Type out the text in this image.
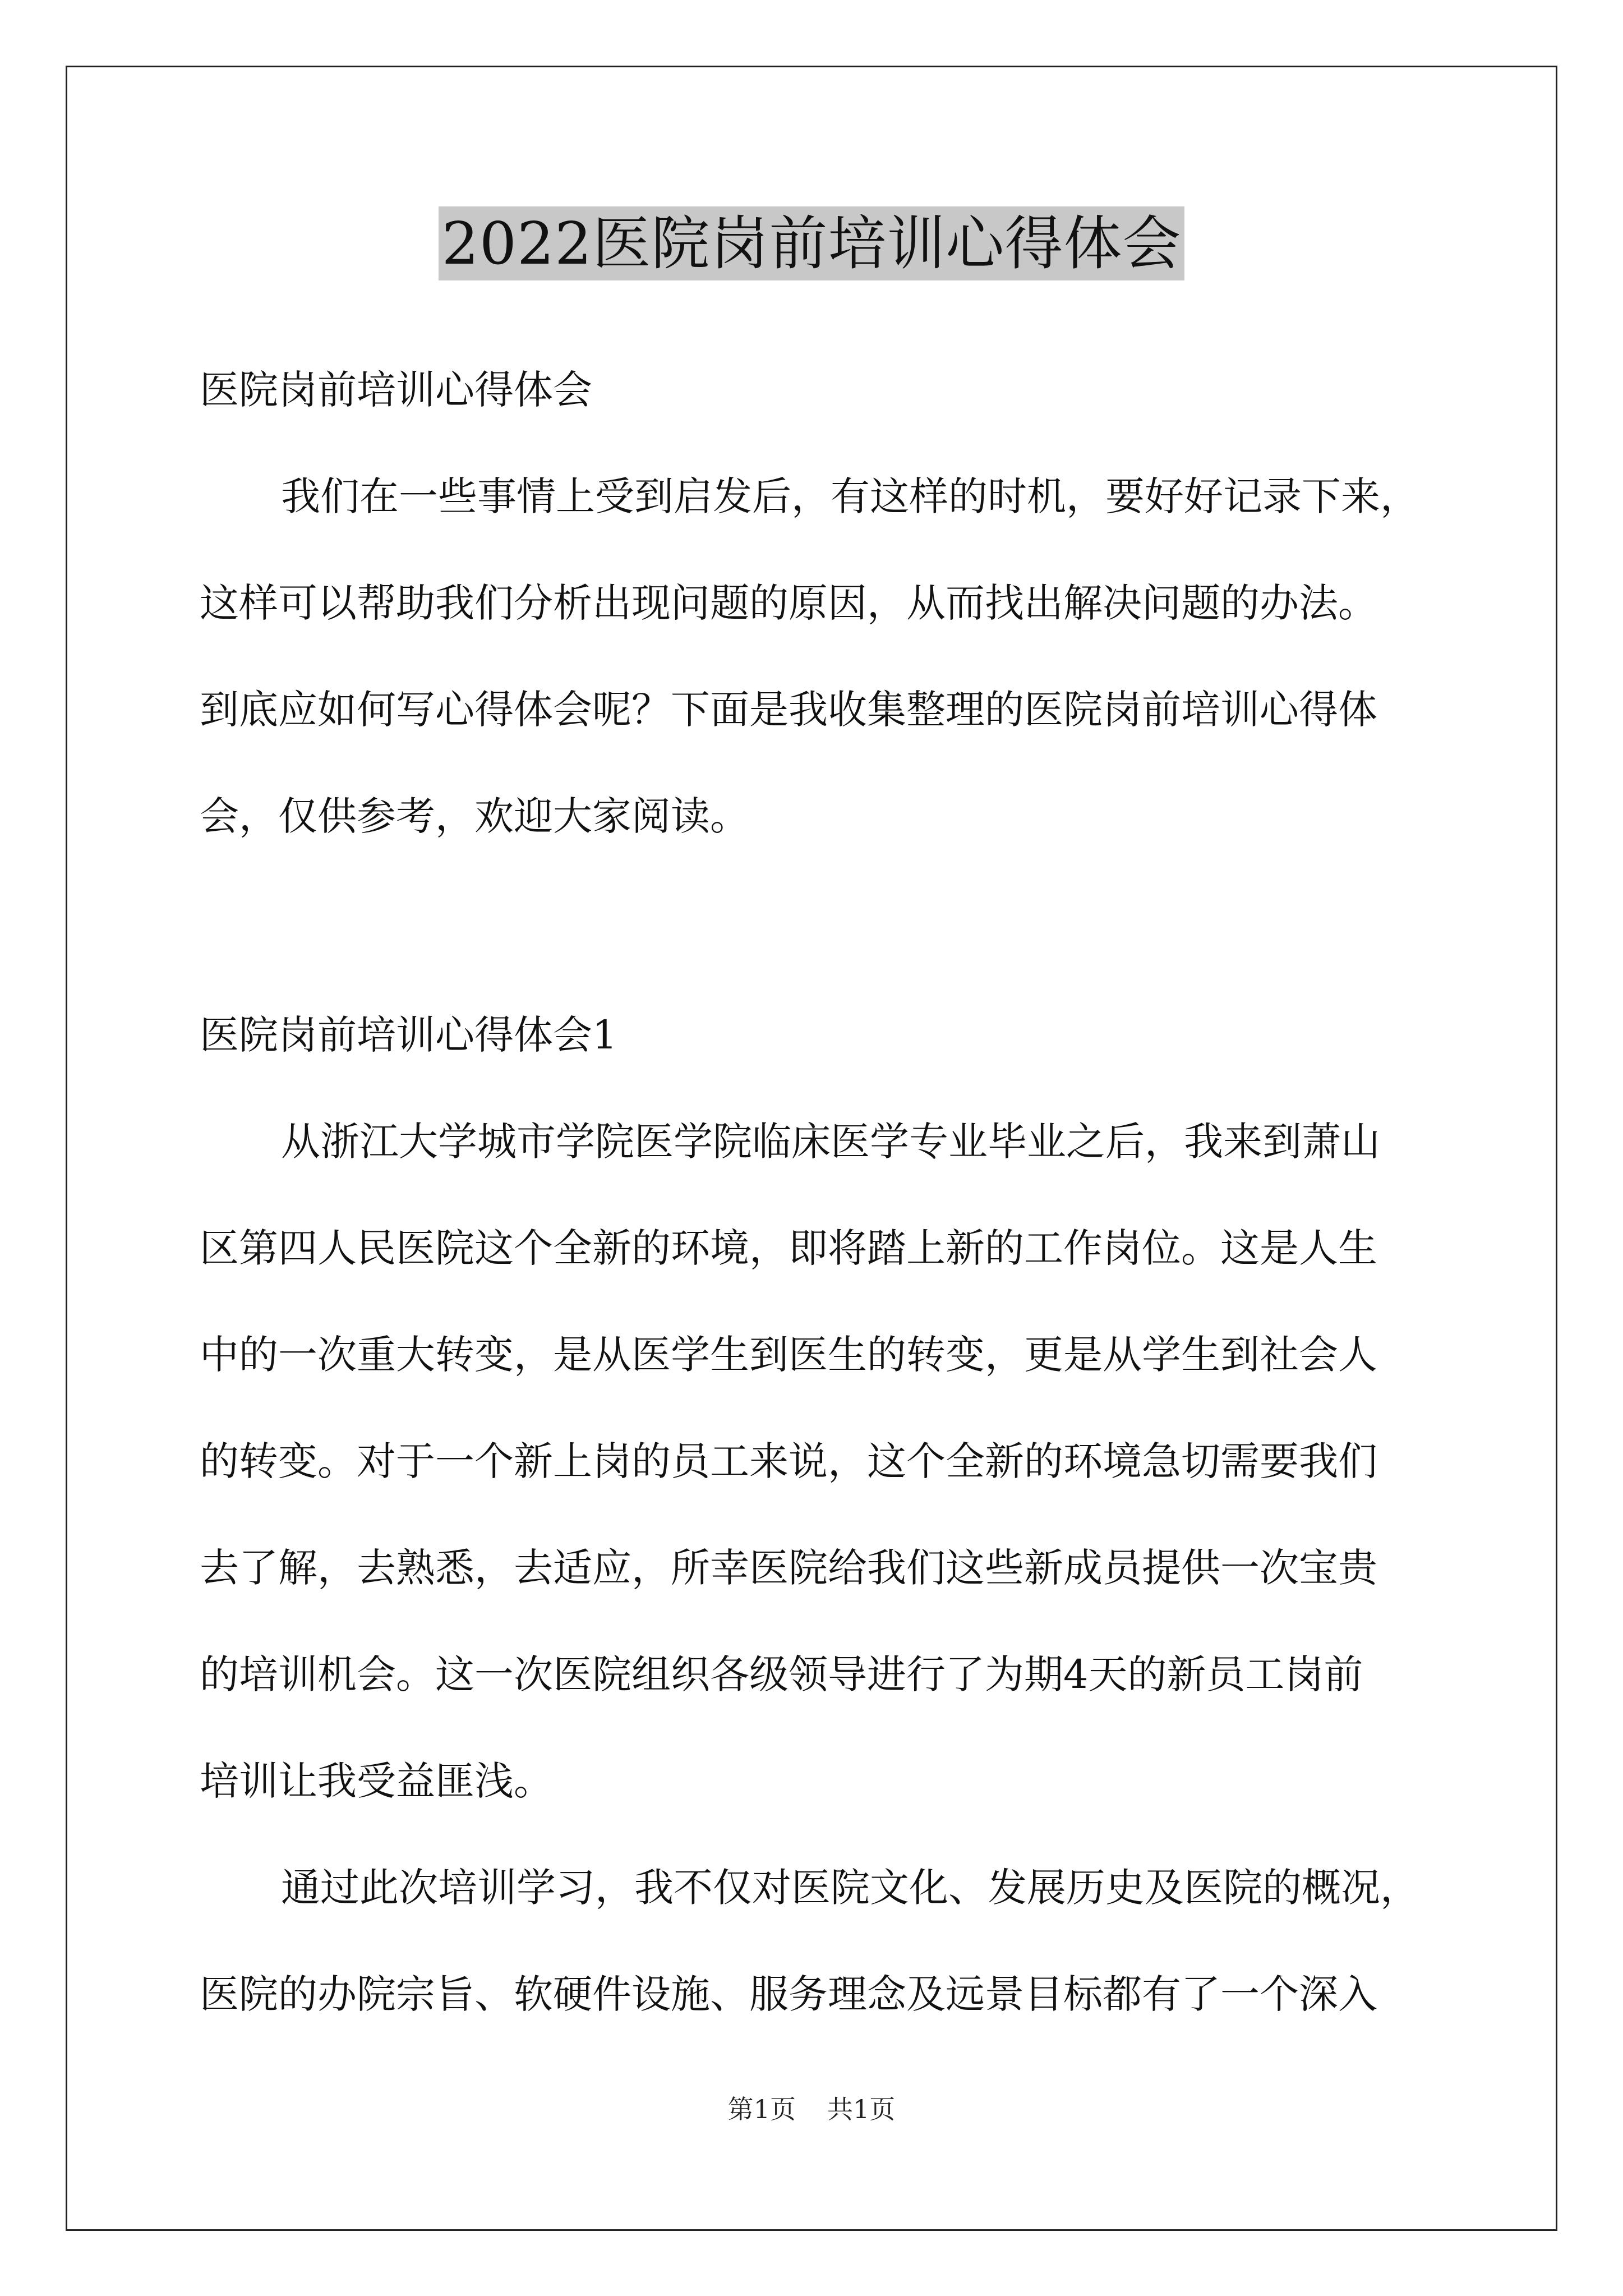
2022医院岗前培训心得体会
医院岗前培训心得体会
我们在一些事情上受到启发后，有这样的时机，要好好记录下来，
这样可以帮助我们分析出现问题的原因，从而找出解决问题的办法。
到底应如何写心得体会呢？下面是我收集整理的医院岗前培训心得体
会，仅供参考，欢迎大家阅读。
医院岗前培训心得体会1
从浙江大学城市学院医学院临床医学专业毕业之后，我来到萧山
区第四人民医院这个全新的环境，即将踏上新的工作岗位。这是人生
中的一次重大转变，是从医学生到医生的转变，更是从学生到社会人
的转变。对于一个新上岗的员工来说，这个全新的环境急切需要我们
去了解，去熟悉，去适应，所幸医院给我们这些新成员提供一次宝贵
的培训机会。这一次医院组织各级领导进行了为期4天的新员工岗前
培训让我受益匪浅。
通过此次培训学习，我不仅对医院文化、发展历史及医院的概况，
医院的办院宗旨、软硬件设施、服务理念及远景目标都有了一个深入
第1页 共1页
